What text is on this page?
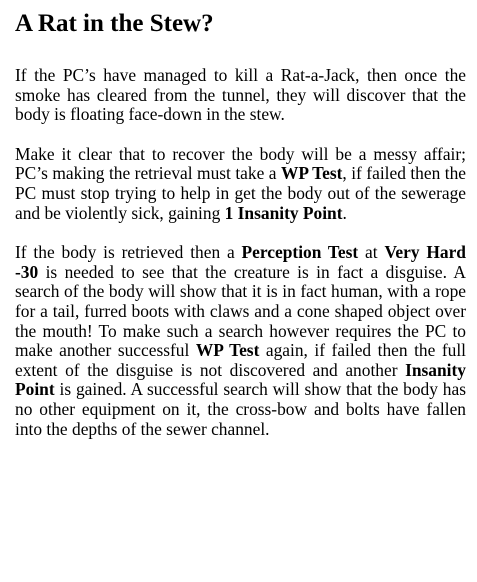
A Rat in the Stew?

If the PC’s have managed to kill a Rat-a-Jack, then once the smoke has cleared from the tunnel, they will discover that the body is floating face-down in the stew.

Make it clear that to recover the body will be a messy affair; PC’s making the retrieval must take a WP Test, if failed then the PC must stop trying to help in get the body out of the sewerage and be violently sick, gaining 1 Insanity Point.

If the body is retrieved then a Perception Test at Very Hard -30 is needed to see that the creature is in fact a disguise. A search of the body will show that it is in fact human, with a rope for a tail, furred boots with claws and a cone shaped object over the mouth! To make such a search however requires the PC to make another successful WP Test again, if failed then the full extent of the disguise is not discovered and another Insanity Point is gained. A successful search will show that the body has no other equipment on it, the cross-bow and bolts have fallen into the depths of the sewer channel.
